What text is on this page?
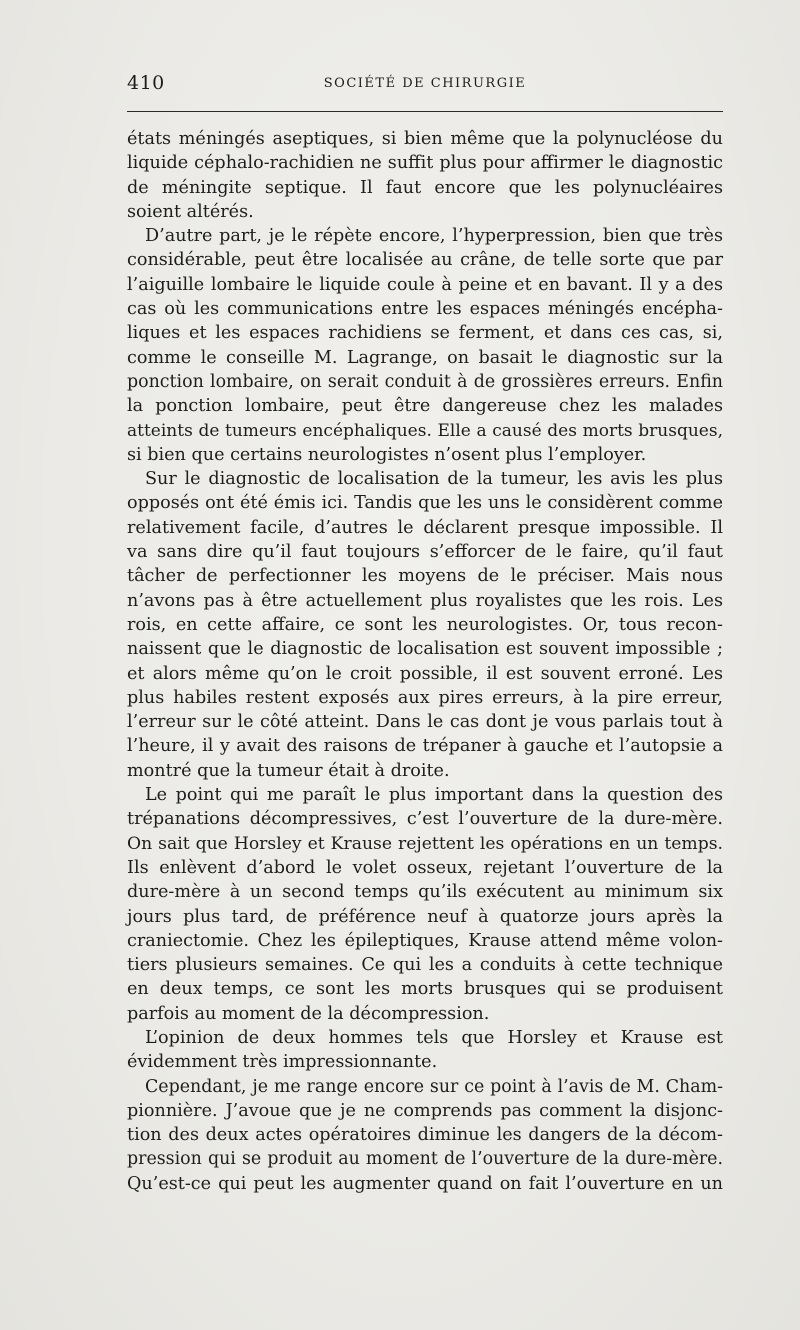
410	SOCIÉTÉ DE CHIRURGIE
états méningés aseptiques, si bien même que la polynucléose du
liquide céphalo-rachidien ne suffit plus pour affirmer le diagnostic
de méningite septique. Il faut encore que les polynucléaires
soient altérés.
D’autre part, je le répète encore, l’hyperpression, bien que très
considérable, peut être localisée au crâne, de telle sorte que par
l’aiguille lombaire le liquide coule à peine et en bavant. Il y a des
cas où les communications entre les espaces méningés encépha-
liques et les espaces rachidiens se ferment, et dans ces cas, si,
comme le conseille M. Lagrange, on basait le diagnostic sur la
ponction lombaire, on serait conduit à de grossières erreurs. Enfin
la ponction lombaire, peut être dangereuse chez les malades
atteints de tumeurs encéphaliques. Elle a causé des morts brusques,
si bien que certains neurologistes n’osent plus l’employer.
Sur le diagnostic de localisation de la tumeur, les avis les plus
opposés ont été émis ici. Tandis que les uns le considèrent comme
relativement facile, d’autres le déclarent presque impossible. Il
va sans dire qu’il faut toujours s’efforcer de le faire, qu’il faut
tâcher de perfectionner les moyens de le préciser. Mais nous
n’avons pas à être actuellement plus royalistes que les rois. Les
rois, en cette affaire, ce sont les neurologistes. Or, tous recon-
naissent que le diagnostic de localisation est souvent impossible ;
et alors même qu’on le croit possible, il est souvent erroné. Les
plus habiles restent exposés aux pires erreurs, à la pire erreur,
l’erreur sur le côté atteint. Dans le cas dont je vous parlais tout à
l’heure, il y avait des raisons de trépaner à gauche et l’autopsie a
montré que la tumeur était à droite.
Le point qui me paraît le plus important dans la question des
trépanations décompressives, c’est l’ouverture de la dure-mère.
On sait que Horsley et Krause rejettent les opérations en un temps.
Ils enlèvent d’abord le volet osseux, rejetant l’ouverture de la
dure-mère à un second temps qu’ils exécutent au minimum six
jours plus tard, de préférence neuf à quatorze jours après la
craniectomie. Chez les épileptiques, Krause attend même volon-
tiers plusieurs semaines. Ce qui les a conduits à cette technique
en deux temps, ce sont les morts brusques qui se produisent
parfois au moment de la décompression.
L’opinion de deux hommes tels que Horsley et Krause est
évidemment très impressionnante.
Cependant, je me range encore sur ce point à l’avis de M. Cham-
pionnière. J’avoue que je ne comprends pas comment la disjonc-
tion des deux actes opératoires diminue les dangers de la décom-
pression qui se produit au moment de l’ouverture de la dure-mère.
Qu’est-ce qui peut les augmenter quand on fait l’ouverture en un
